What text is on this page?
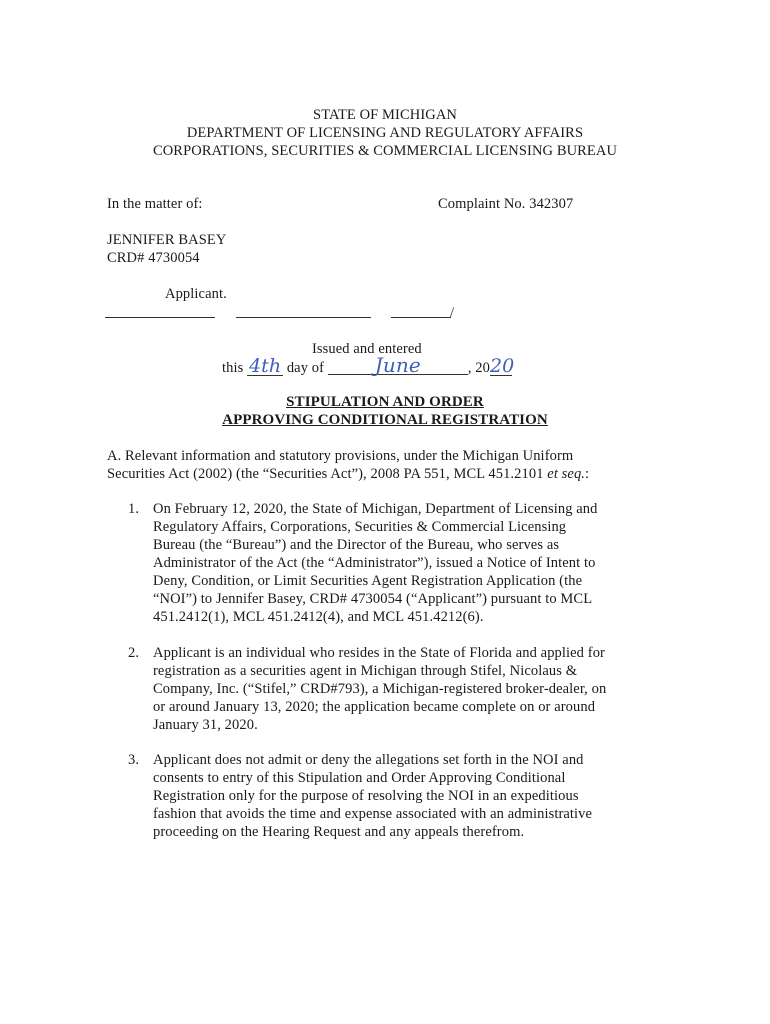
STATE OF MICHIGAN
DEPARTMENT OF LICENSING AND REGULATORY AFFAIRS
CORPORATIONS, SECURITIES & COMMERCIAL LICENSING BUREAU
In the matter of:	Complaint No. 342307
JENNIFER BASEY
CRD# 4730054
Applicant.
/
Issued and entered
this 4th day of	June	, 2020
STIPULATION AND ORDER
APPROVING CONDITIONAL REGISTRATION
A. Relevant information and statutory provisions, under the Michigan Uniform
Securities Act (2002) (the “Securities Act”), 2008 PA 551, MCL 451.2101 et seq.:
1. On February 12, 2020, the State of Michigan, Department of Licensing and
Regulatory Affairs, Corporations, Securities & Commercial Licensing
Bureau (the “Bureau”) and the Director of the Bureau, who serves as
Administrator of the Act (the “Administrator”), issued a Notice of Intent to
Deny, Condition, or Limit Securities Agent Registration Application (the
“NOI”) to Jennifer Basey, CRD# 4730054 (“Applicant”) pursuant to MCL
451.2412(1), MCL 451.2412(4), and MCL 451.4212(6).
2. Applicant is an individual who resides in the State of Florida and applied for
registration as a securities agent in Michigan through Stifel, Nicolaus &
Company, Inc. (“Stifel,” CRD#793), a Michigan-registered broker-dealer, on
or around January 13, 2020; the application became complete on or around
January 31, 2020.
3. Applicant does not admit or deny the allegations set forth in the NOI and
consents to entry of this Stipulation and Order Approving Conditional
Registration only for the purpose of resolving the NOI in an expeditious
fashion that avoids the time and expense associated with an administrative
proceeding on the Hearing Request and any appeals therefrom.
